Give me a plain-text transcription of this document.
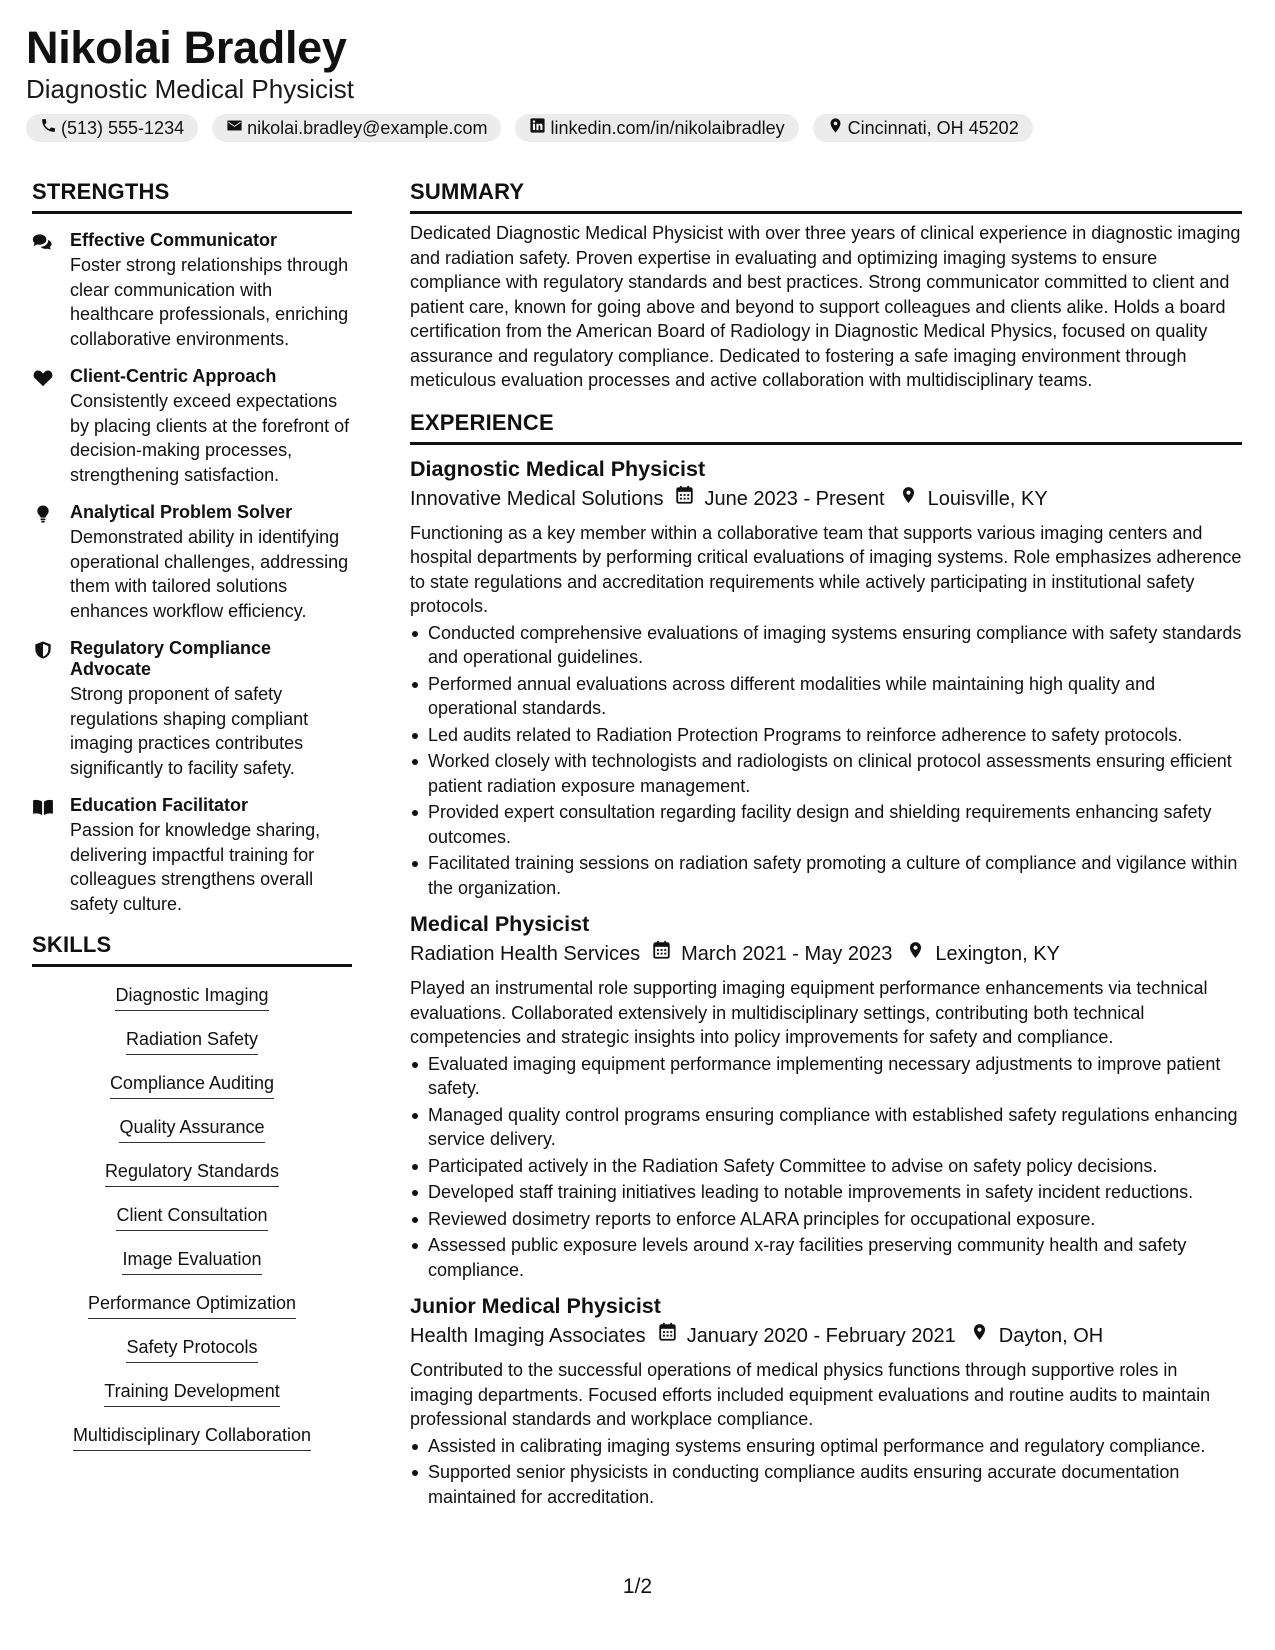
Nikolai Bradley
Diagnostic Medical Physicist
(513) 555-1234	nikolai.bradley@example.com	linkedin.com/in/nikolaibradley	Cincinnati, OH 45202
STRENGTHS
Effective Communicator
Foster strong relationships through clear communication with healthcare professionals, enriching collaborative environments.
Client-Centric Approach
Consistently exceed expectations by placing clients at the forefront of decision-making processes, strengthening satisfaction.
Analytical Problem Solver
Demonstrated ability in identifying operational challenges, addressing them with tailored solutions enhances workflow efficiency.
Regulatory Compliance Advocate
Strong proponent of safety regulations shaping compliant imaging practices contributes significantly to facility safety.
Education Facilitator
Passion for knowledge sharing, delivering impactful training for colleagues strengthens overall safety culture.
SKILLS
Diagnostic Imaging
Radiation Safety
Compliance Auditing
Quality Assurance
Regulatory Standards
Client Consultation
Image Evaluation
Performance Optimization
Safety Protocols
Training Development
Multidisciplinary Collaboration
SUMMARY
Dedicated Diagnostic Medical Physicist with over three years of clinical experience in diagnostic imaging and radiation safety. Proven expertise in evaluating and optimizing imaging systems to ensure compliance with regulatory standards and best practices. Strong communicator committed to client and patient care, known for going above and beyond to support colleagues and clients alike. Holds a board certification from the American Board of Radiology in Diagnostic Medical Physics, focused on quality assurance and regulatory compliance. Dedicated to fostering a safe imaging environment through meticulous evaluation processes and active collaboration with multidisciplinary teams.
EXPERIENCE
Diagnostic Medical Physicist
Innovative Medical Solutions June 2023 - Present Louisville, KY
Functioning as a key member within a collaborative team that supports various imaging centers and hospital departments by performing critical evaluations of imaging systems. Role emphasizes adherence to state regulations and accreditation requirements while actively participating in institutional safety protocols.
Conducted comprehensive evaluations of imaging systems ensuring compliance with safety standards and operational guidelines.
Performed annual evaluations across different modalities while maintaining high quality and operational standards.
Led audits related to Radiation Protection Programs to reinforce adherence to safety protocols.
Worked closely with technologists and radiologists on clinical protocol assessments ensuring efficient patient radiation exposure management.
Provided expert consultation regarding facility design and shielding requirements enhancing safety outcomes.
Facilitated training sessions on radiation safety promoting a culture of compliance and vigilance within the organization.
Medical Physicist
Radiation Health Services March 2021 - May 2023 Lexington, KY
Played an instrumental role supporting imaging equipment performance enhancements via technical evaluations. Collaborated extensively in multidisciplinary settings, contributing both technical competencies and strategic insights into policy improvements for safety and compliance.
Evaluated imaging equipment performance implementing necessary adjustments to improve patient safety.
Managed quality control programs ensuring compliance with established safety regulations enhancing service delivery.
Participated actively in the Radiation Safety Committee to advise on safety policy decisions.
Developed staff training initiatives leading to notable improvements in safety incident reductions.
Reviewed dosimetry reports to enforce ALARA principles for occupational exposure.
Assessed public exposure levels around x-ray facilities preserving community health and safety compliance.
Junior Medical Physicist
Health Imaging Associates January 2020 - February 2021 Dayton, OH
Contributed to the successful operations of medical physics functions through supportive roles in imaging departments. Focused efforts included equipment evaluations and routine audits to maintain professional standards and workplace compliance.
Assisted in calibrating imaging systems ensuring optimal performance and regulatory compliance.
Supported senior physicists in conducting compliance audits ensuring accurate documentation maintained for accreditation.
1/2
